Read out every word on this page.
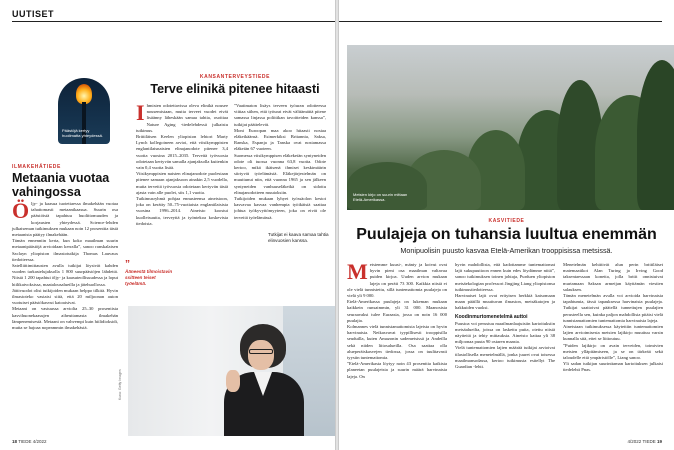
UUTISET
Päästöjä kertyy huolimatta yhteydessä.
ILMAKEHÄTIEDE
Metaania vuotaa vahingossa

Öljy- ja kaasua tuotettaessa ilmakehään vuotaa tahattomasti metaanikaasua. Suurin osa päästöistä tapahtuu huolittomuuden ja korjausten yhteydessä. Science-lehden julkaiseman tutkimuksen mukaan noin 12 prosenttia tästä metaanista päätyy ilmakehään.

Tämän ennenniin kerta, kun koko maailman suurin metaanipäästöjä arvioidaan kerralla”, sanoo ranskalaisen Saclayn yliopiston ilmastotutkija Thomas Lauvaux tiedotteessa.

Satelliittimittausten avulla tutkijat löysivät kahden vuoden tarkastelujaksolla 1 800 suurpäästöjen lähdettä. Niistä 1 200 tapahtui öljy- ja kaasuteollisuudessa ja loput hiilikaivoksissa, maatalousalueilla ja jätehuollossa.

Jättivuodot olisi tutkijoiden mukaan helppo tilkitä. Hyvin ilmastoteko vastaisi siitä, että 20 miljoonan auton vuotuiset päästökasvut katoaisivat.

Metaani on vastuussa arviolta 25–30 prosentista kasvihuonekaasujen aiheuttamasta ilmakehän lämpenemisestä. Metaani on vahvempi kuin hiilidioksidi, mutta se hajoaa nopeammin ilmakehästä.

KANSANTERVEYSTIEDE
Terve elinikä pitenee hitaasti

Ihmisten odotettavissa oleva elinikä nousee nousemistaan, mutta terveet vuodet eivät lisäänny läheskään samaa tahtia, osoittaa Nature Aging -tiedelehdessä julkaistu tutkimus.

Brittiläisen Keelen yliopiston lehtori Marty Lynch kollegoineen arvioi, että viisikymppisten englantilaisnaisten elinajanodote pitenee 3,4 vuotta vuosina 2015–2035. Terveitä työvuosia odotetaan kertyvän samalla ajanjaksolla kuitenkin vain 0,4 vuotta lisää.

Viisikymppisten naisten elinajanodote puolestaan pitenee samaan ajanjaksoon ainakin 2,5 vuodella, mutta terveitä työvuosia odotetaan kertyvän tästä ajasta vain alle puolet, siis 1,1 vuotta.

Tutkimusryhmä pohjaa ennusteensa aineistoon, joka on kerätty 50–75-vuotiaista englantilaisista vuosina 1996–2014. Aineisto koostui kuolleisuutta, terveyttä ja työntekoa koskevista tiedoista.

”Vaatimaton lisäys terveen työuran odotteessa viittaa siihen, että työurat eivät välttämättä pitene samassa linjassa poliitikan tavoitteiden kanssa”, tutkijat päättelevät.

Moni Euroopan maa akoo hitaasti nostaa eläkeikäänsä. Esimerkiksi Britannia, Saksa, Ranska, Espanja ja Tanska ovat nostamassa eläkeiän 67 vuoteen.

Suomessa viisikymppisen eläkekeiän syntyneiden odote oli tuossa vuonna 63,8 vuotta. Odote kertoo, mikä ikäisenä ihmiset keskimäärin siirtyvät työelämästä. Eläkejärjestelmän on muuttunut niin, että vuonna 1965 ja sen jälkeen syntyneiden vanhuuseläkeikä on sidottu elinajanodotteen muutoksiin.

Tutkijoiden mukaan lyhyet työssäolon kestot kasvavaa kasvaa vanhempia työikäisiä saattaa johtua työkyvyttömyyteen, joka on eivät ole terveitä työelämässä.

”
Ääneestä tilmoistavin ssitteen teiset työelämä.
Tutkijat ei kaava samaa tahtia elinvuosien kanssa.
Kuva: Getty Images
18 TIEDE 4/2022
Metsien kirjo on suurin mittaan Etelä-Amerikassa.
KASVITIEDE
Puulajeja on tuhansia luultua enemmän
Monipuolisin puusto kasvaa Etelä-Amerikan trooppisissa metsissä.

Metsiemme kuusi-, mänty ja koivut ovat hyvin pieni osa maailman valtavaa puiden kirjoa. Uuden arvion mukaan lajeja on peräti 73 300. Kaikkia niistä ei ole vielä tunnistettu, sillä tuntemattomia puulajeja on vielä yli 9 000.

Etelä-Amerikassa puulajeja on lukeman mukaan kaikkein runsaimmin, yli 31 000. Maanosista seuraavaksi tulee Euraasia, jossa on noin 16 000 puulajia.

Kolmannes vielä tunnistamattomista lajeista on hyvin harvinaisia. Netkasvavat tyypillisesti trooppisilla seuduilla, kuten Amazonin sademetsissä ja Andeilla sekä niiden liitosalueilla. Osa saattaa olla alueperäiskasvejen tiedossa, jossa on tuulitavasti tyystin tuntemattomia.

”Etelä-Amerikasta löytyy noin 43 prosenttia kaikista planeetan puulajeista ja suurin määrä harvinaisia lajeja. On

hyvin mahdollista, että kadottamme tuntemattomat lajit sukupuuttoon ennen kuin edes löydämme niitä”, sanoo tutkimuksen toinen johtaja, Purduen yliopiston metsäekologian professori Jingjing Liang yliopistonsa tutkimustiedotteessa.

Harvinaiset lajit ovat erityisen herkkiä katsomaan maan pääillä muuttuvan ilmaston, metsäkatojen ja hakkuiden vuoksi.

Koodinmurtomenetelmä auttoi

Puustoa voi perustuu maailmanlaajuisiin kartoituksiin metsäalueilta, joissa on laskettu puita, otettu niistä näytteitä ja tehty mittauksia. Aineisto kattaa yli 38 miljoonaa puuta 90 ostaren maasta.

Vielä tuntemattomien lajien määrää tutkijat arvioivat tilastollisella menetelmällä, jonka juuret ovat toisessa maailmansodassa, kertoo tutkimusta esitellyt The Guardian -lehti.

Menetelmän kehittivät alun perin brittiläiset matemaatikot Alan Turing ja Irving Good taksentaessaan konetta, jolla britit onnistuivat murtamaan Saksan armeijan käyttämän viestien salauksen.

Tämän menetelmän avulla voi arvioida harvinaisia tapahtumia, tässä tapauksessa harvinaisia puulajeja. Tutkijat saattoivat päätellä tunnettujen puulajien perusteella sen, kuinka paljon mahdollisia pitäisi vielä tunnistamattomien tuntemattomia harvinaisia lajeja.

Aineistaan tutkimuksessa käytettiin tuntemattomien lajien arvioimisesta metsien lajikirjo muuttuu varsin kunnalla sitä, ettei se liittoutuu.

”Puiden lajikirjo on avain terveiden, toimivien metsien ylläpitämiseen, ja se on tärkeää sekä taloudelle että ympäristölle”, Liang sanoo.

Yli sadan tutkijan suurinttaman kartoituksen julkaisi tiedelehti Pnas.

4/2022 TIEDE 19
